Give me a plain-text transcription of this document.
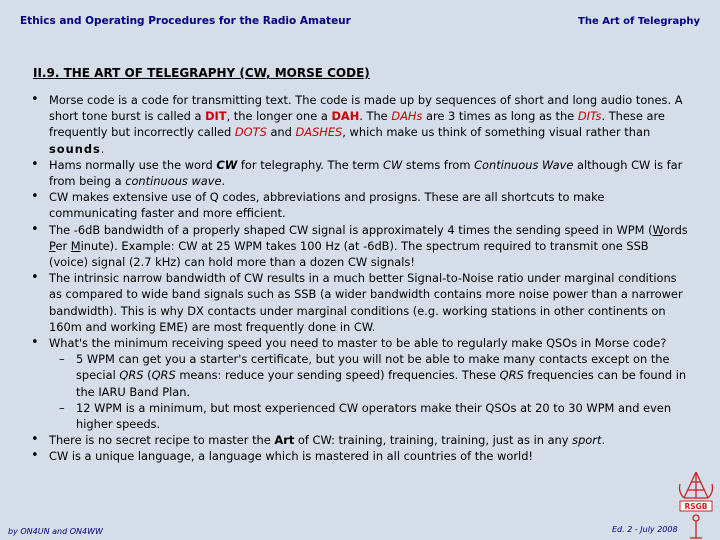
Ethics and Operating Procedures for the Radio Amateur	The Art of Telegraphy
II.9. THE ART OF TELEGRAPHY (CW, MORSE CODE)
• Morse code is a code for transmitting text. The code is made up by sequences of short and long audio tones. A short tone burst is called a DIT, the longer one a DAH. The DAHs are 3 times as long as the DITs. These are frequently but incorrectly called DOTS and DASHES, which make us think of something visual rather than sounds.
• Hams normally use the word CW for telegraphy. The term CW stems from Continuous Wave although CW is far from being a continuous wave.
• CW makes extensive use of Q codes, abbreviations and prosigns. These are all shortcuts to make communicating faster and more efficient.
• The -6dB bandwidth of a properly shaped CW signal is approximately 4 times the sending speed in WPM (Words Per Minute). Example: CW at 25 WPM takes 100 Hz (at -6dB). The spectrum required to transmit one SSB (voice) signal (2.7 kHz) can hold more than a dozen CW signals!
• The intrinsic narrow bandwidth of CW results in a much better Signal-to-Noise ratio under marginal conditions as compared to wide band signals such as SSB (a wider bandwidth contains more noise power than a narrower bandwidth). This is why DX contacts under marginal conditions (e.g. working stations in other continents on 160m and working EME) are most frequently done in CW.
• What's the minimum receiving speed you need to master to be able to regularly make QSOs in Morse code?
– 5 WPM can get you a starter's certificate, but you will not be able to make many contacts except on the special QRS (QRS means: reduce your sending speed) frequencies. These QRS frequencies can be found in the IARU Band Plan.
– 12 WPM is a minimum, but most experienced CW operators make their QSOs at 20 to 30 WPM and even higher speeds.
• There is no secret recipe to master the Art of CW: training, training, training, just as in any sport.
• CW is a unique language, a language which is mastered in all countries of the world!
by ON4UN and ON4WW	Ed. 2 - July 2008
RSGB
